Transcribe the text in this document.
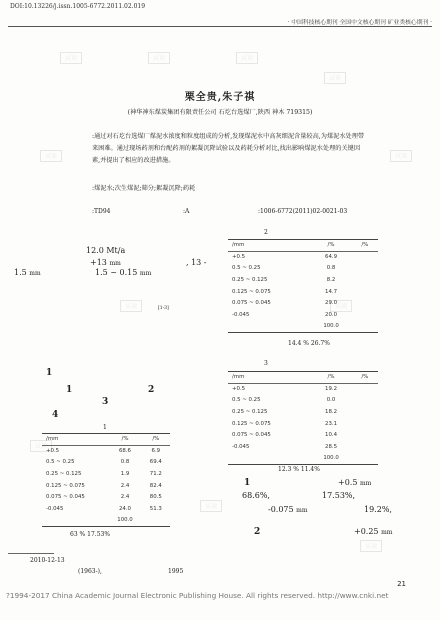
试读	试读	试读
试读
试读	试读
试读	试读
试读
试读
试读
DOI:10.13226/j.issn.1005-6772.2011.02.019
· 中国科技核心期刊 全国中文核心期刊 矿业类核心期刊 ·
栗全贵,朱子祺
(神华神东煤炭集团有限责任公司 石圪台选煤厂,陕西 神木 719315)
:通过对石圪台选煤厂煤泥水浓度和粒度组成的分析,发现煤泥水中高灰细泥含量较高,为煤泥水处理带来困难。通过现场药剂和台配药剂的絮凝沉降试验以及药耗分析对比,找出影响煤泥水处理的关键因素,并提出了相应的改进措施。
:煤泥水;次生煤泥;筛分;絮凝沉降;药耗
:TD94	:A	:1006-6772(2011)02-0021-03
12.0 Mt/a
+13 mm	, 13 -
1.5 mm	1.5 ~ 0.15 mm
[1-3]
1
1	2
3
4
1
/mm	/%	/%
+0.5	68.6	6.9
0.5 ~ 0.25	0.8	69.4
0.25 ~ 0.125	1.9	71.2
0.125 ~ 0.075	2.4	82.4
0.075 ~ 0.045	2.4	80.5
-0.045	24.0	51.3
	100.0	
63 % 17.53%
2010-12-13
(1963-),	1995
2
/mm	/%	/%
+0.5	64.9	
0.5 ~ 0.25	0.8	
0.25 ~ 0.125	8.2	
0.125 ~ 0.075	14.7	
0.075 ~ 0.045	29.0	
-0.045	20.0	
	100.0	
14.4 % 26.7%
3
/mm	/%	/%
+0.5	19.2	
0.5 ~ 0.25	0.0	
0.25 ~ 0.125	18.2	
0.125 ~ 0.075	23.1	
0.075 ~ 0.045	10.4	
-0.045	28.5	
	100.0	
12.3 % 11.4%
1	+0.5 mm
68.6%,	17.53%,
-0.075 mm	19.2%,
2	+0.25 mm
?1994-2017 China Academic Journal Electronic Publishing House. All rights reserved. http://www.cnki.net
21
